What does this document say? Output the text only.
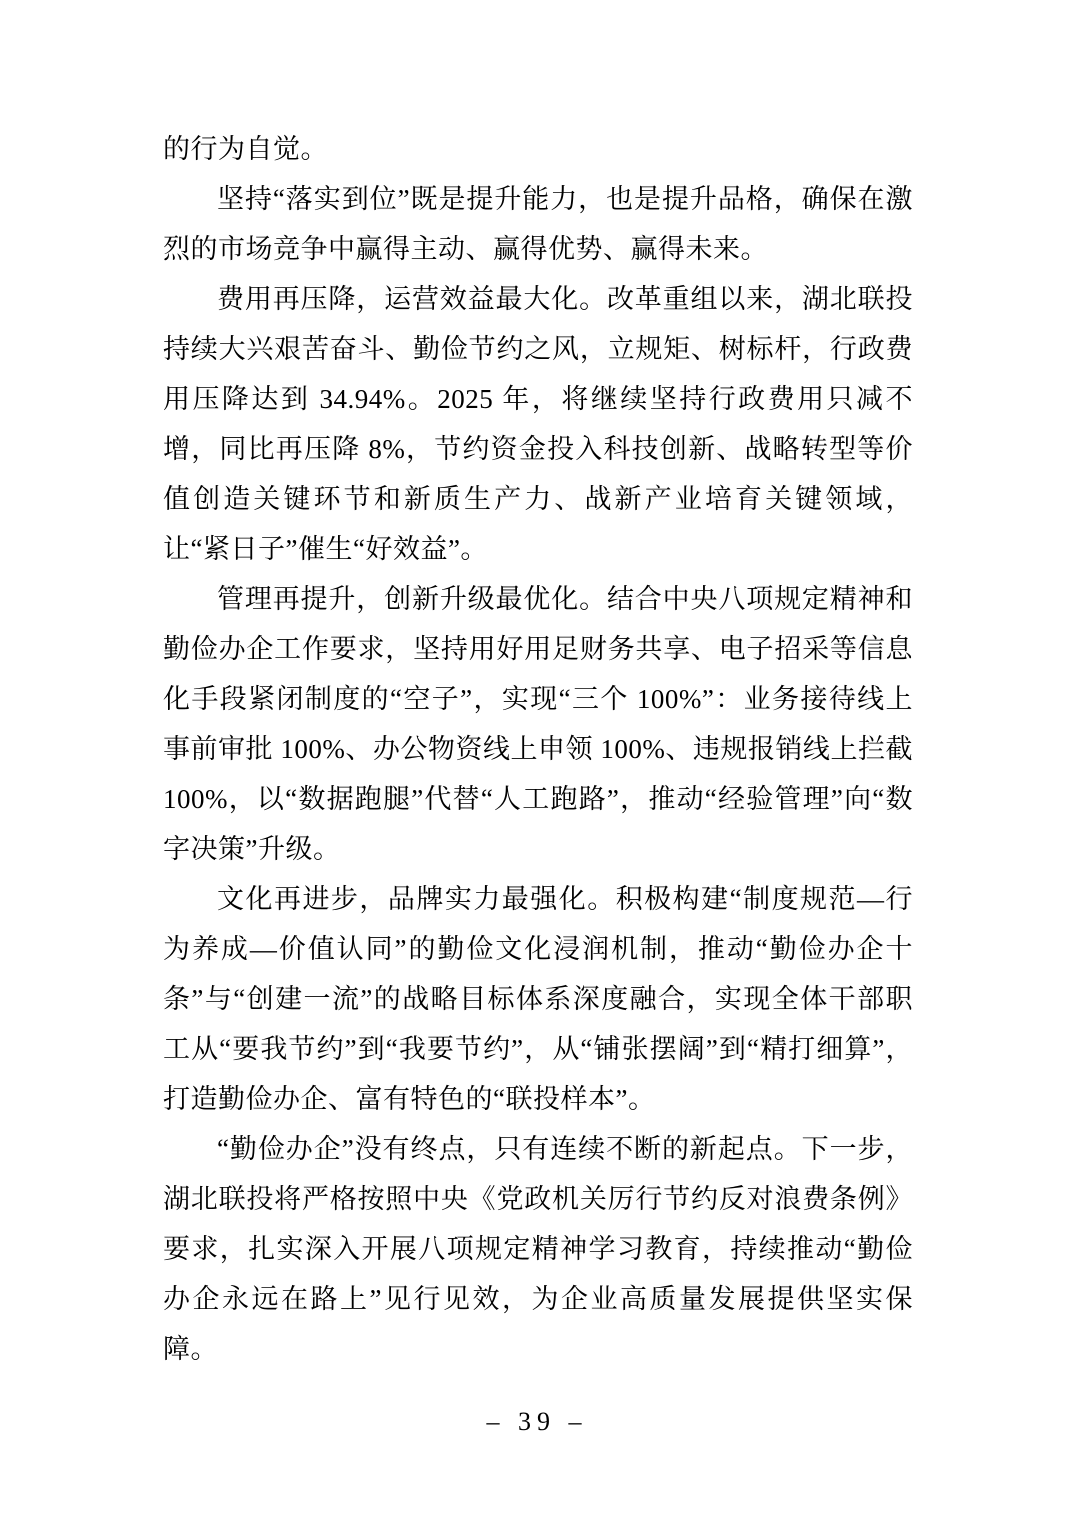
的行为自觉。

坚持“落实到位”既是提升能力，也是提升品格，确保在激烈的市场竞争中赢得主动、赢得优势、赢得未来。

费用再压降，运营效益最大化。改革重组以来，湖北联投持续大兴艰苦奋斗、勤俭节约之风，立规矩、树标杆，行政费用压降达到 34.94%。2025 年，将继续坚持行政费用只减不增，同比再压降 8%，节约资金投入科技创新、战略转型等价值创造关键环节和新质生产力、战新产业培育关键领域，让“紧日子”催生“好效益”。

管理再提升，创新升级最优化。结合中央八项规定精神和勤俭办企工作要求，坚持用好用足财务共享、电子招采等信息化手段紧闭制度的“空子”，实现“三个 100%”：业务接待线上事前审批 100%、办公物资线上申领 100%、违规报销线上拦截 100%，以“数据跑腿”代替“人工跑路”，推动“经验管理”向“数字决策”升级。

文化再进步，品牌实力最强化。积极构建“制度规范—行为养成—价值认同”的勤俭文化浸润机制，推动“勤俭办企十条”与“创建一流”的战略目标体系深度融合，实现全体干部职工从“要我节约”到“我要节约”，从“铺张摆阔”到“精打细算”，打造勤俭办企、富有特色的“联投样本”。

“勤俭办企”没有终点，只有连续不断的新起点。下一步，湖北联投将严格按照中央《党政机关厉行节约反对浪费条例》要求，扎实深入开展八项规定精神学习教育，持续推动“勤俭办企永远在路上”见行见效，为企业高质量发展提供坚实保障。

– 39 –
